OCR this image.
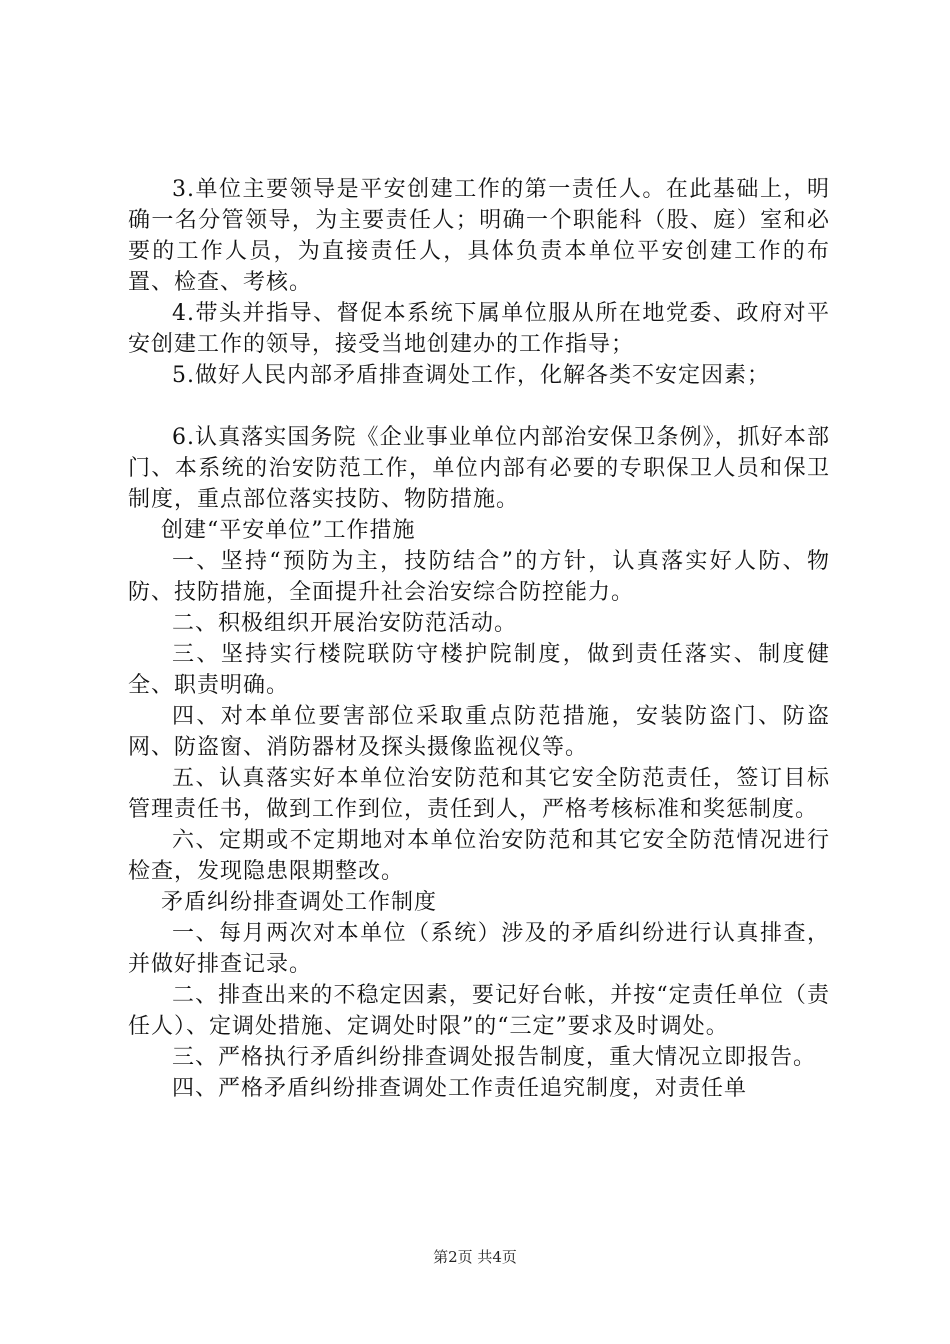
3.单位主要领导是平安创建工作的第一责任人。在此基础上，明确一名分管领导，为主要责任人；明确一个职能科（股、庭）室和必要的工作人员，为直接责任人，具体负责本单位平安创建工作的布置、检查、考核。

4.带头并指导、督促本系统下属单位服从所在地党委、政府对平安创建工作的领导，接受当地创建办的工作指导；

5.做好人民内部矛盾排查调处工作，化解各类不安定因素；

6.认真落实国务院《企业事业单位内部治安保卫条例》，抓好本部门、本系统的治安防范工作，单位内部有必要的专职保卫人员和保卫制度，重点部位落实技防、物防措施。

创建“平安单位”工作措施

一、坚持“预防为主，技防结合”的方针，认真落实好人防、物防、技防措施，全面提升社会治安综合防控能力。

二、积极组织开展治安防范活动。

三、坚持实行楼院联防守楼护院制度，做到责任落实、制度健全、职责明确。

四、对本单位要害部位采取重点防范措施，安装防盗门、防盗网、防盗窗、消防器材及探头摄像监视仪等。

五、认真落实好本单位治安防范和其它安全防范责任，签订目标管理责任书，做到工作到位，责任到人，严格考核标准和奖惩制度。

六、定期或不定期地对本单位治安防范和其它安全防范情况进行检查，发现隐患限期整改。

矛盾纠纷排查调处工作制度

一、每月两次对本单位（系统）涉及的矛盾纠纷进行认真排查，并做好排查记录。

二、排查出来的不稳定因素，要记好台帐，并按“定责任单位（责任人）、定调处措施、定调处时限”的“三定”要求及时调处。

三、严格执行矛盾纠纷排查调处报告制度，重大情况立即报告。

四、严格矛盾纠纷排查调处工作责任追究制度，对责任单

第2页 共4页
